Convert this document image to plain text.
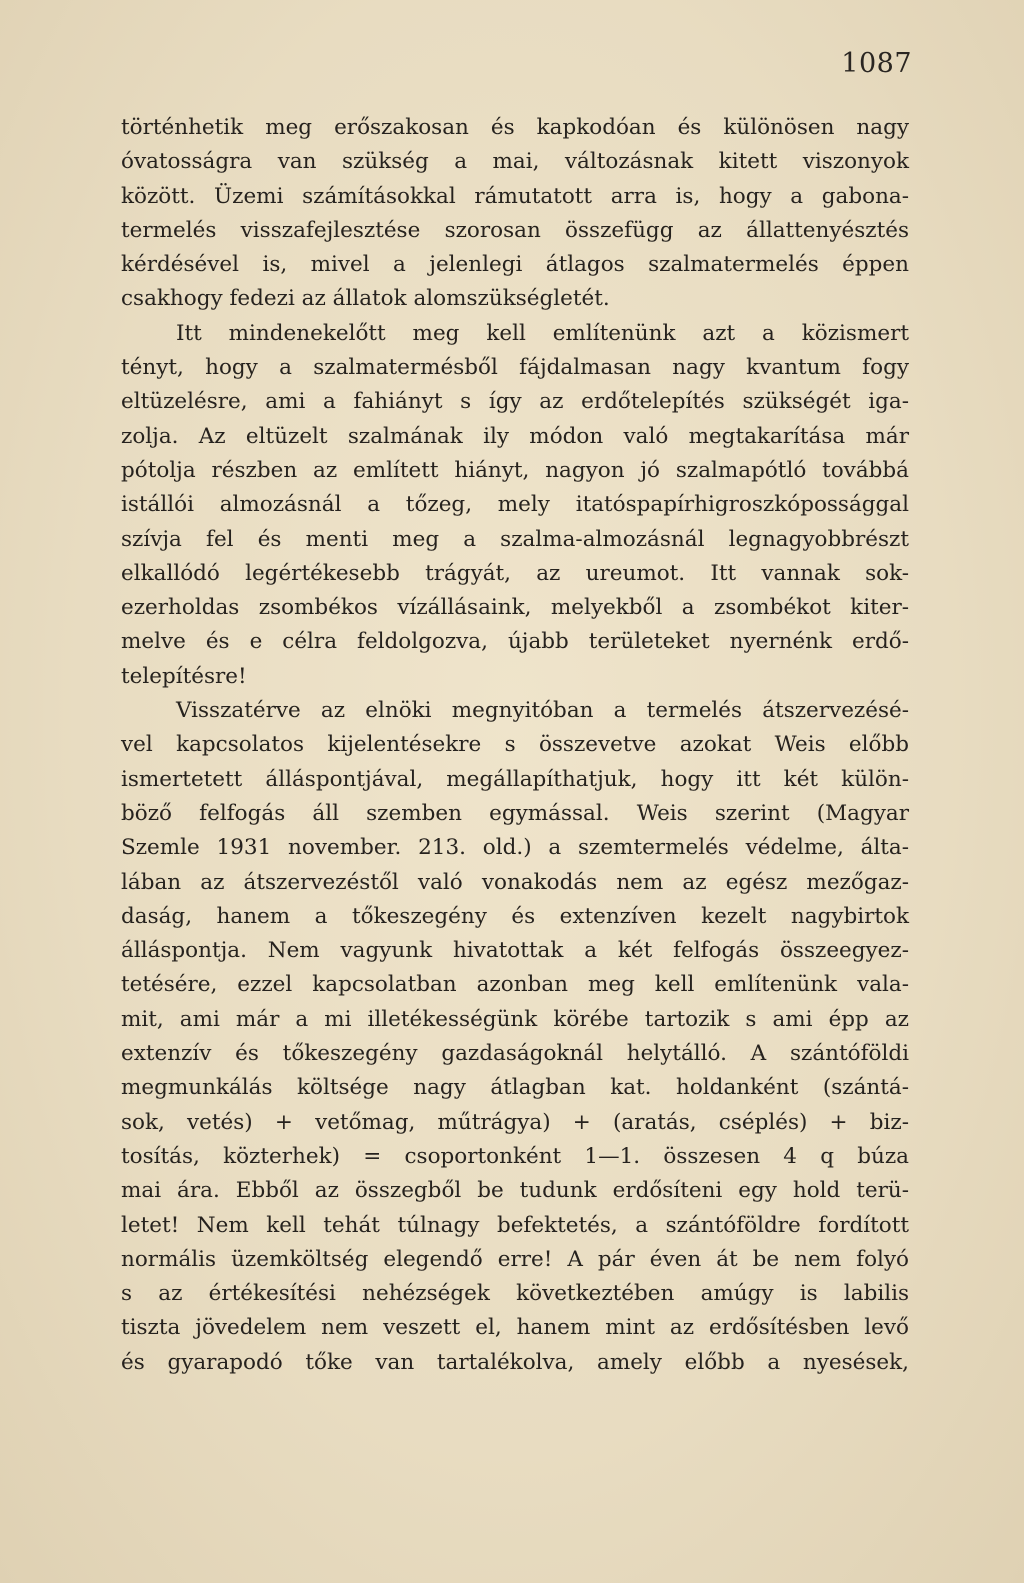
1087
történhetik meg erőszakosan és kapkodóan és különösen nagy
óvatosságra van szükség a mai, változásnak kitett viszonyok
között. Üzemi számításokkal rámutatott arra is, hogy a gabona-
termelés visszafejlesztése szorosan összefügg az állattenyésztés
kérdésével is, mivel a jelenlegi átlagos szalmatermelés éppen
csakhogy fedezi az állatok alomszükségletét.
Itt mindenekelőtt meg kell említenünk azt a közismert
tényt, hogy a szalmatermésből fájdalmasan nagy kvantum fogy
eltüzelésre, ami a fahiányt s így az erdőtelepítés szükségét iga-
zolja. Az eltüzelt szalmának ily módon való megtakarítása már
pótolja részben az említett hiányt, nagyon jó szalmapótló továbbá
istállói almozásnál a tőzeg, mely itatóspapírhigroszkópossággal
szívja fel és menti meg a szalma-almozásnál legnagyobbrészt
elkallódó legértékesebb trágyát, az ureumot. Itt vannak sok-
ezerholdas zsombékos vízállásaink, melyekből a zsombékot kiter-
melve és e célra feldolgozva, újabb területeket nyernénk erdő-
telepítésre!
Visszatérve az elnöki megnyitóban a termelés átszervezésé-
vel kapcsolatos kijelentésekre s összevetve azokat Weis előbb
ismertetett álláspontjával, megállapíthatjuk, hogy itt két külön-
böző felfogás áll szemben egymással. Weis szerint (Magyar
Szemle 1931 november. 213. old.) a szemtermelés védelme, álta-
lában az átszervezéstől való vonakodás nem az egész mezőgaz-
daság, hanem a tőkeszegény és extenzíven kezelt nagybirtok
álláspontja. Nem vagyunk hivatottak a két felfogás összeegyez-
tetésére, ezzel kapcsolatban azonban meg kell említenünk vala-
mit, ami már a mi illetékességünk körébe tartozik s ami épp az
extenzív és tőkeszegény gazdaságoknál helytálló. A szántóföldi
megmunkálás költsége nagy átlagban kat. holdanként (szántá-
sok, vetés) + vetőmag, műtrágya) + (aratás, cséplés) + biz-
tosítás, közterhek) = csoportonként 1—1. összesen 4 q búza
mai ára. Ebből az összegből be tudunk erdősíteni egy hold terü-
letet! Nem kell tehát túlnagy befektetés, a szántóföldre fordított
normális üzemköltség elegendő erre! A pár éven át be nem folyó
s az értékesítési nehézségek következtében amúgy is labilis
tiszta jövedelem nem veszett el, hanem mint az erdősítésben levő
és gyarapodó tőke van tartalékolva, amely előbb a nyesések,
